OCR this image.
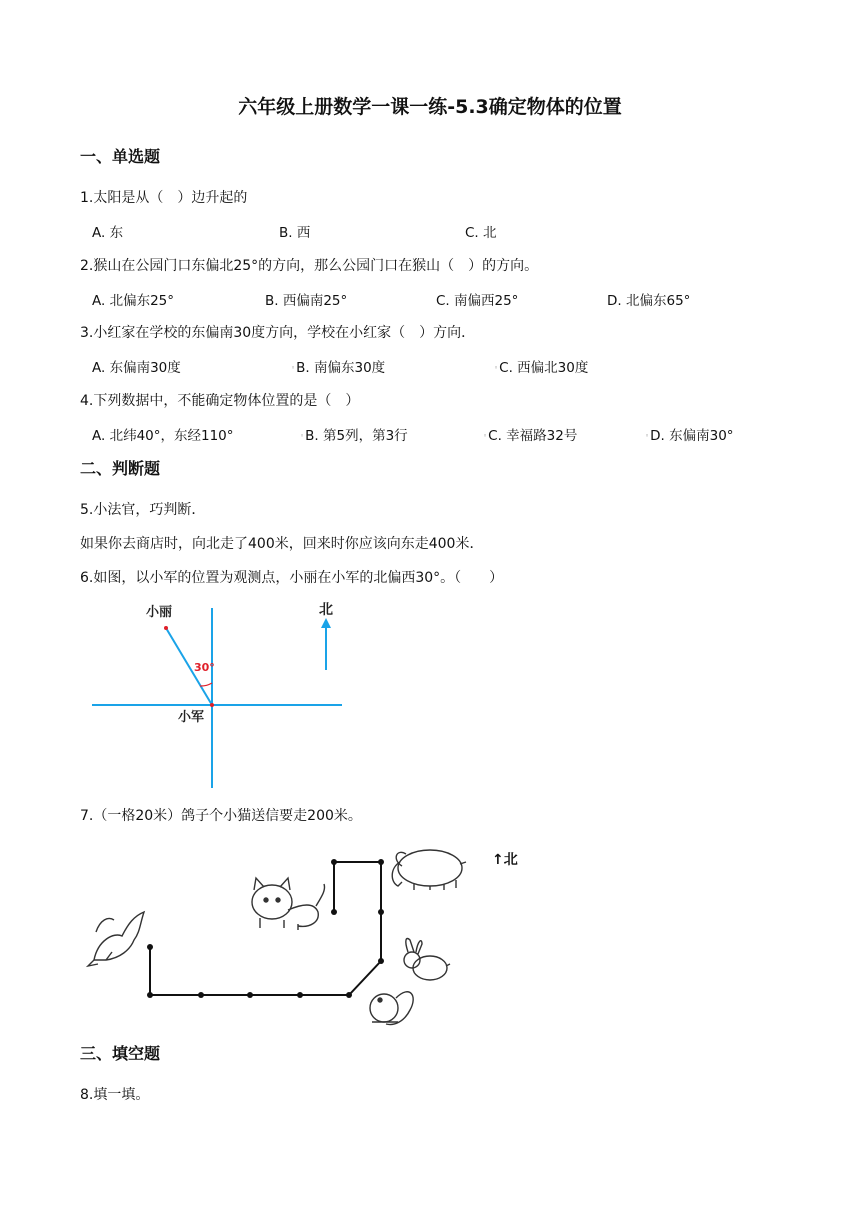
六年级上册数学一课一练-5.3确定物体的位置
一、单选题
1.太阳是从（　）边升起的
A. 东	B. 西	C. 北
2.猴山在公园门口东偏北25°的方向，那么公园门口在猴山（　）的方向。
A. 北偏东25°	B. 西偏南25°	C. 南偏西25°	D. 北偏东65°
3.小红家在学校的东偏南30度方向，学校在小红家（　）方向．
A. 东偏南30度	◦B. 南偏东30度	◦C. 西偏北30度
4.下列数据中，不能确定物体位置的是（　）
A. 北纬40°，东经110°	◦B. 第5列，第3行	◦C. 幸福路32号	◦D. 东偏南30°
二、判断题
5.小法官，巧判断．
如果你去商店时，向北走了400米，回来时你应该向东走400米．
6.如图，以小军的位置为观测点，小丽在小军的北偏西30°。（　　）
30°
小丽
小军
北
7.（一格20米）鸽子个小猫送信要走200米。
↑北
三、填空题
8.填一填。
